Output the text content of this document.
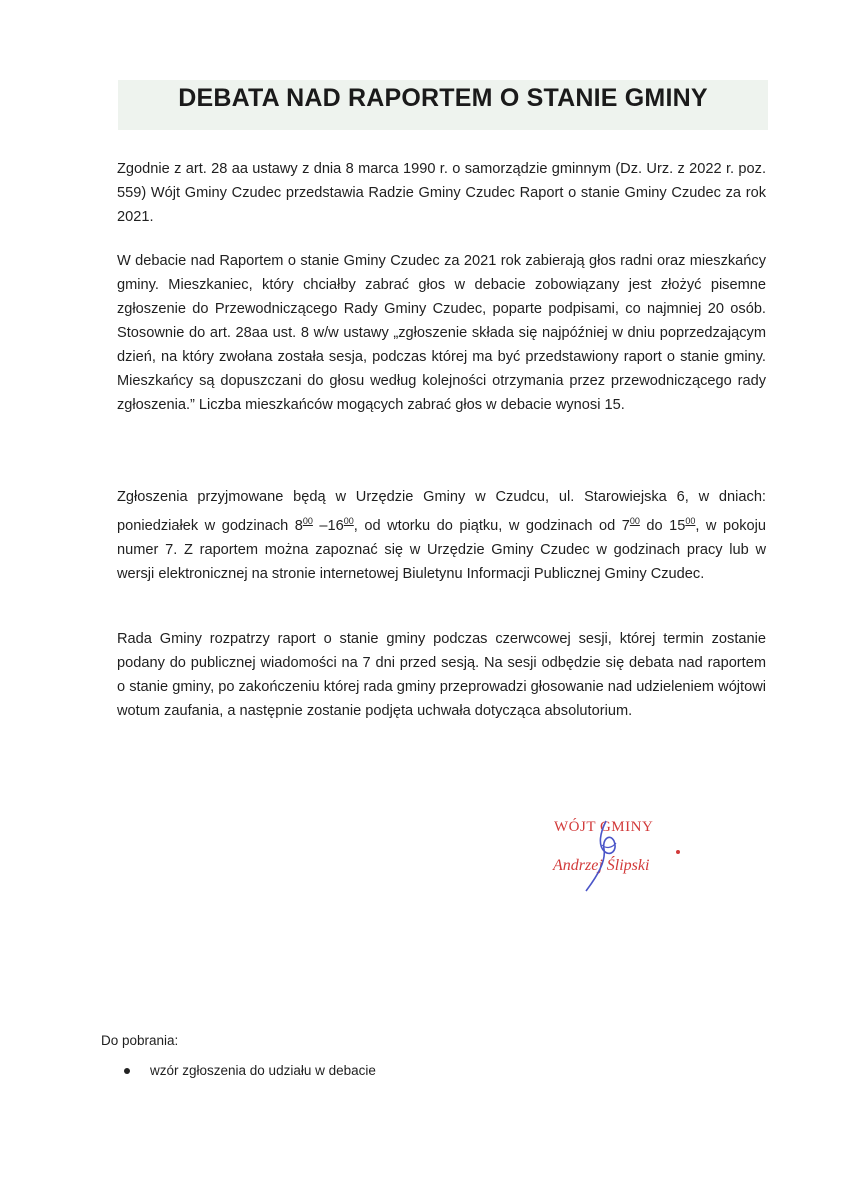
DEBATA NAD RAPORTEM O STANIE GMINY

Zgodnie z art. 28 aa ustawy z dnia 8 marca 1990 r. o samorządzie gminnym (Dz. Urz. z 2022 r. poz. 559) Wójt Gminy Czudec przedstawia Radzie Gminy Czudec Raport o stanie Gminy Czudec za rok 2021.

W debacie nad Raportem o stanie Gminy Czudec za 2021 rok zabierają głos radni oraz mieszkańcy gminy. Mieszkaniec, który chciałby zabrać głos w debacie zobowiązany jest złożyć pisemne zgłoszenie do Przewodniczącego Rady Gminy Czudec, poparte podpisami, co najmniej 20 osób. Stosownie do art. 28aa ust. 8 w/w ustawy „zgłoszenie składa się najpóźniej w dniu poprzedzającym dzień, na który zwołana została sesja, podczas której ma być przedstawiony raport o stanie gminy. Mieszkańcy są dopuszczani do głosu według kolejności otrzymania przez przewodniczącego rady zgłoszenia.” Liczba mieszkańców mogących zabrać głos w debacie wynosi 15.

Zgłoszenia przyjmowane będą w Urzędzie Gminy w Czudcu, ul. Starowiejska 6, w dniach: poniedziałek w godzinach $8^{00}$ $-16^{00}$, od wtorku do piątku, w godzinach od $7^{00}$ do $15^{00}$, w pokoju numer 7. Z raportem można zapoznać się w Urzędzie Gminy Czudec w godzinach pracy lub w wersji elektronicznej na stronie internetowej Biuletynu Informacji Publicznej Gminy Czudec.

Rada Gminy rozpatrzy raport o stanie gminy podczas czerwcowej sesji, której termin zostanie podany do publicznej wiadomości na 7 dni przed sesją. Na sesji odbędzie się debata nad raportem o stanie gminy, po zakończeniu której rada gminy przeprowadzi głosowanie nad udzieleniem wójtowi wotum zaufania, a następnie zostanie podjęta uchwała dotycząca absolutorium.

WÓJT GMINY
Andrzej Ślipski

Do pobrania:

wzór zgłoszenia do udziału w debacie
